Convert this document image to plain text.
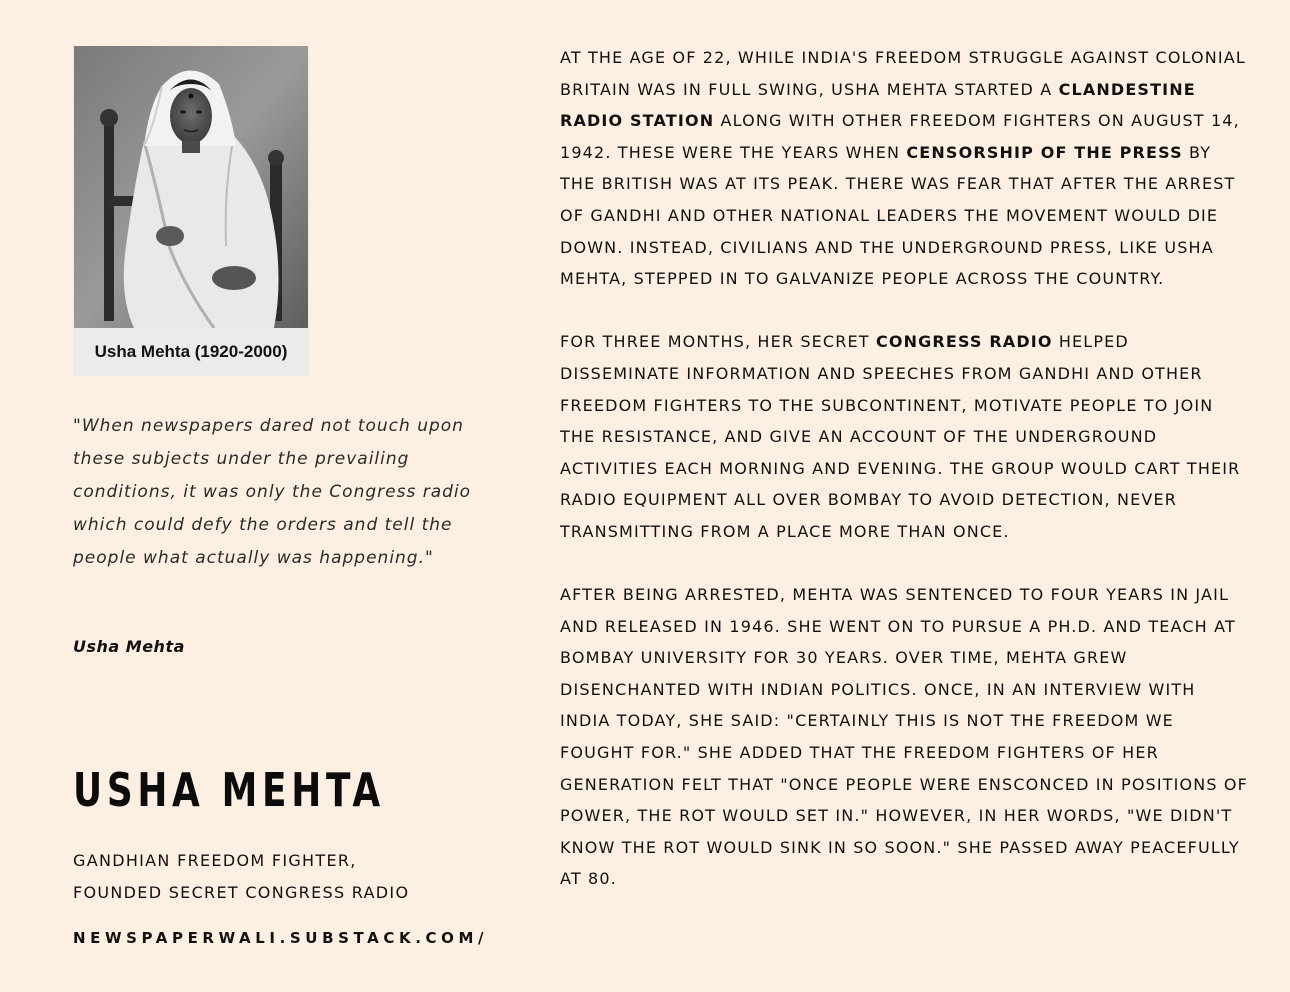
Usha Mehta (1920-2000)

"When newspapers dared not touch upon these subjects under the prevailing conditions, it was only the Congress radio which could defy the orders and tell the people what actually was happening."

Usha Mehta
USHA MEHTA
GANDHIAN FREEDOM FIGHTER,
FOUNDED SECRET CONGRESS RADIO
NEWSPAPERWALI.SUBSTACK.COM/

AT THE AGE OF 22, WHILE INDIA'S FREEDOM STRUGGLE AGAINST COLONIAL BRITAIN WAS IN FULL SWING, USHA MEHTA STARTED A CLANDESTINE RADIO STATION ALONG WITH OTHER FREEDOM FIGHTERS ON AUGUST 14, 1942. THESE WERE THE YEARS WHEN CENSORSHIP OF THE PRESS BY THE BRITISH WAS AT ITS PEAK. THERE WAS FEAR THAT AFTER THE ARREST OF GANDHI AND OTHER NATIONAL LEADERS THE MOVEMENT WOULD DIE DOWN. INSTEAD, CIVILIANS AND THE UNDERGROUND PRESS, LIKE USHA MEHTA, STEPPED IN TO GALVANIZE PEOPLE ACROSS THE COUNTRY.

FOR THREE MONTHS, HER SECRET CONGRESS RADIO HELPED DISSEMINATE INFORMATION AND SPEECHES FROM GANDHI AND OTHER FREEDOM FIGHTERS TO THE SUBCONTINENT, MOTIVATE PEOPLE TO JOIN THE RESISTANCE, AND GIVE AN ACCOUNT OF THE UNDERGROUND ACTIVITIES EACH MORNING AND EVENING. THE GROUP WOULD CART THEIR RADIO EQUIPMENT ALL OVER BOMBAY TO AVOID DETECTION, NEVER TRANSMITTING FROM A PLACE MORE THAN ONCE.

AFTER BEING ARRESTED, MEHTA WAS SENTENCED TO FOUR YEARS IN JAIL AND RELEASED IN 1946. SHE WENT ON TO PURSUE A PH.D. AND TEACH AT BOMBAY UNIVERSITY FOR 30 YEARS. OVER TIME, MEHTA GREW DISENCHANTED WITH INDIAN POLITICS. ONCE, IN AN INTERVIEW WITH INDIA TODAY, SHE SAID: "CERTAINLY THIS IS NOT THE FREEDOM WE FOUGHT FOR." SHE ADDED THAT THE FREEDOM FIGHTERS OF HER GENERATION FELT THAT "ONCE PEOPLE WERE ENSCONCED IN POSITIONS OF POWER, THE ROT WOULD SET IN." HOWEVER, IN HER WORDS, "WE DIDN'T KNOW THE ROT WOULD SINK IN SO SOON." SHE PASSED AWAY PEACEFULLY AT 80.
